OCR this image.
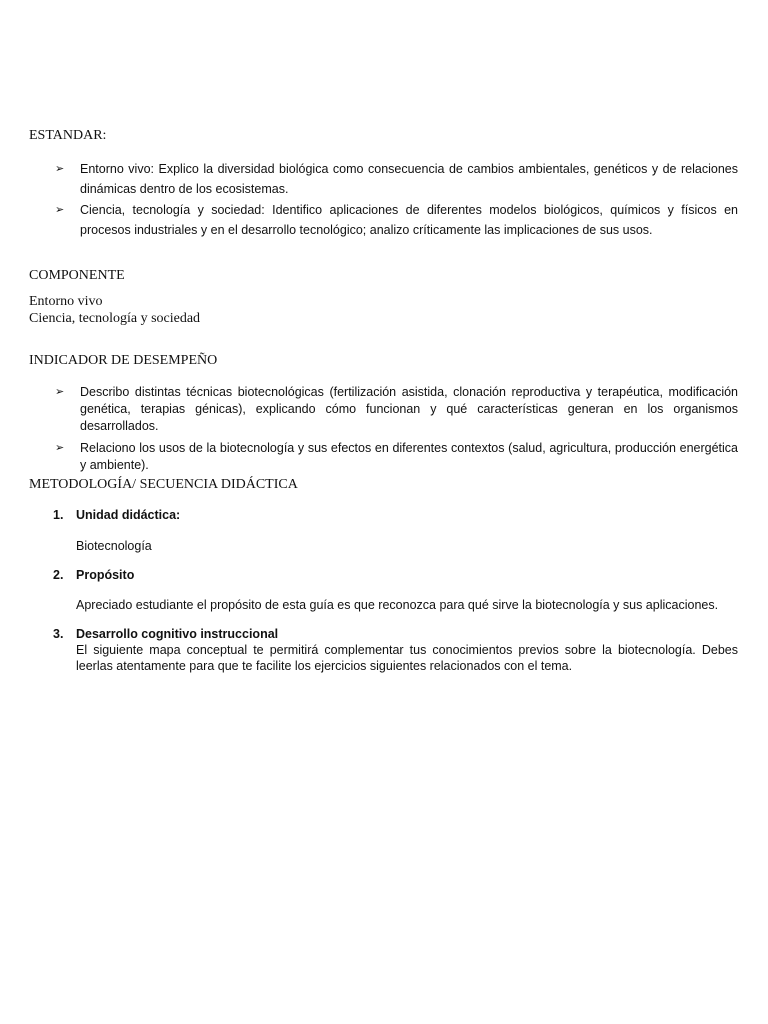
ESTANDAR:
➢ Entorno vivo: Explico la diversidad biológica como consecuencia de cambios ambientales, genéticos y de relaciones dinámicas dentro de los ecosistemas.
➢ Ciencia, tecnología y sociedad: Identifico aplicaciones de diferentes modelos biológicos, químicos y físicos en procesos industriales y en el desarrollo tecnológico; analizo críticamente las implicaciones de sus usos.
COMPONENTE
Entorno vivo
Ciencia, tecnología y sociedad
INDICADOR DE DESEMPEÑO
➢ Describo distintas técnicas biotecnológicas (fertilización asistida, clonación reproductiva y terapéutica, modificación genética, terapias génicas), explicando cómo funcionan y qué características generan en los organismos desarrollados.
➢ Relaciono los usos de la biotecnología y sus efectos en diferentes contextos (salud, agricultura, producción energética y ambiente).
METODOLOGÍA/ SECUENCIA DIDÁCTICA
1. Unidad didáctica:
Biotecnología
2. Propósito
Apreciado estudiante el propósito de esta guía es que reconozca para qué sirve la biotecnología y sus aplicaciones.
3. Desarrollo cognitivo instruccional
El siguiente mapa conceptual te permitirá complementar tus conocimientos previos sobre la biotecnología. Debes leerlas atentamente para que te facilite los ejercicios siguientes relacionados con el tema.
